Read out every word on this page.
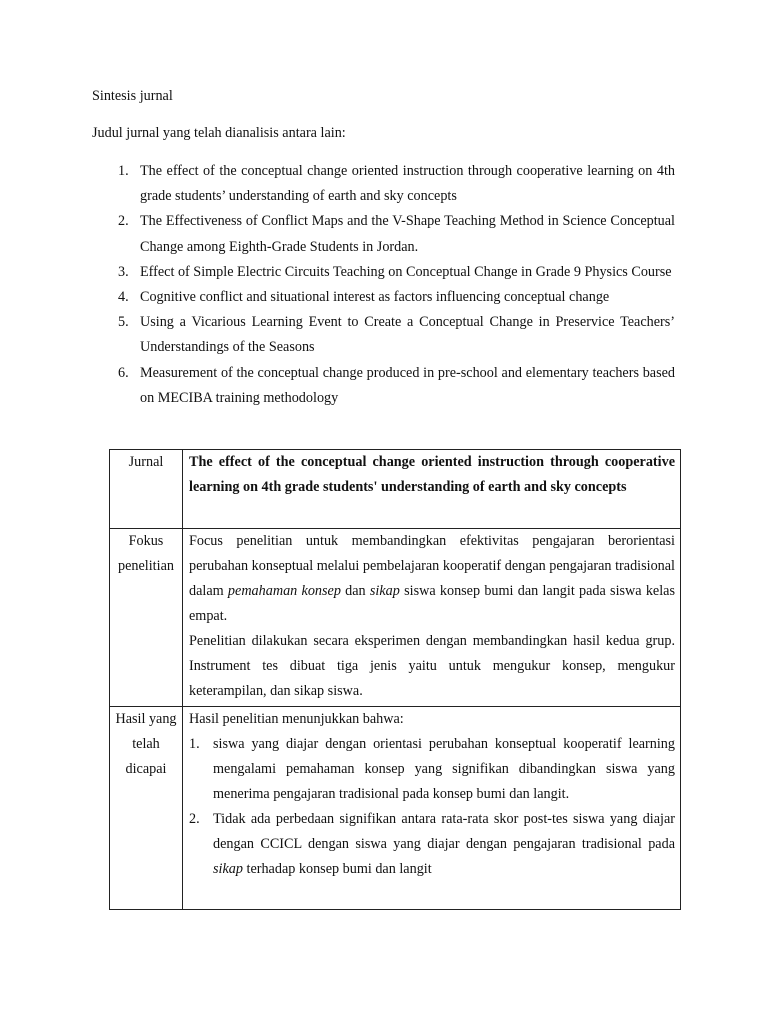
Sintesis jurnal
Judul jurnal yang telah dianalisis antara lain:
1. The effect of the conceptual change oriented instruction through cooperative learning on 4th grade students’ understanding of earth and sky concepts
2. The Effectiveness of Conflict Maps and the V-Shape Teaching Method in Science Conceptual Change among Eighth-Grade Students in Jordan.
3. Effect of Simple Electric Circuits Teaching on Conceptual Change in Grade 9 Physics Course
4. Cognitive conflict and situational interest as factors influencing conceptual change
5. Using a Vicarious Learning Event to Create a Conceptual Change in Preservice Teachers’ Understandings of the Seasons
6. Measurement of the conceptual change produced in pre-school and elementary teachers based on MECIBA training methodology
Jurnal	The effect of the conceptual change oriented instruction through cooperative learning on 4th grade students' understanding of earth and sky concepts
Fokus penelitian	Focus penelitian untuk membandingkan efektivitas pengajaran berorientasi perubahan konseptual melalui pembelajaran kooperatif dengan pengajaran tradisional dalam pemahaman konsep dan sikap siswa konsep bumi dan langit pada siswa kelas empat.
Penelitian dilakukan secara eksperimen dengan membandingkan hasil kedua grup. Instrument tes dibuat tiga jenis yaitu untuk mengukur konsep, mengukur keterampilan, dan sikap siswa.

Hasil yang telah dicapai	Hasil penelitian menunjukkan bahwa:
1. siswa yang diajar dengan orientasi perubahan konseptual kooperatif learning mengalami pemahaman konsep yang signifikan dibandingkan siswa yang menerima pengajaran tradisional pada konsep bumi dan langit.
2. Tidak ada perbedaan signifikan antara rata-rata skor post-tes siswa yang diajar dengan CCICL dengan siswa yang diajar dengan pengajaran tradisional pada sikap terhadap konsep bumi dan langit
